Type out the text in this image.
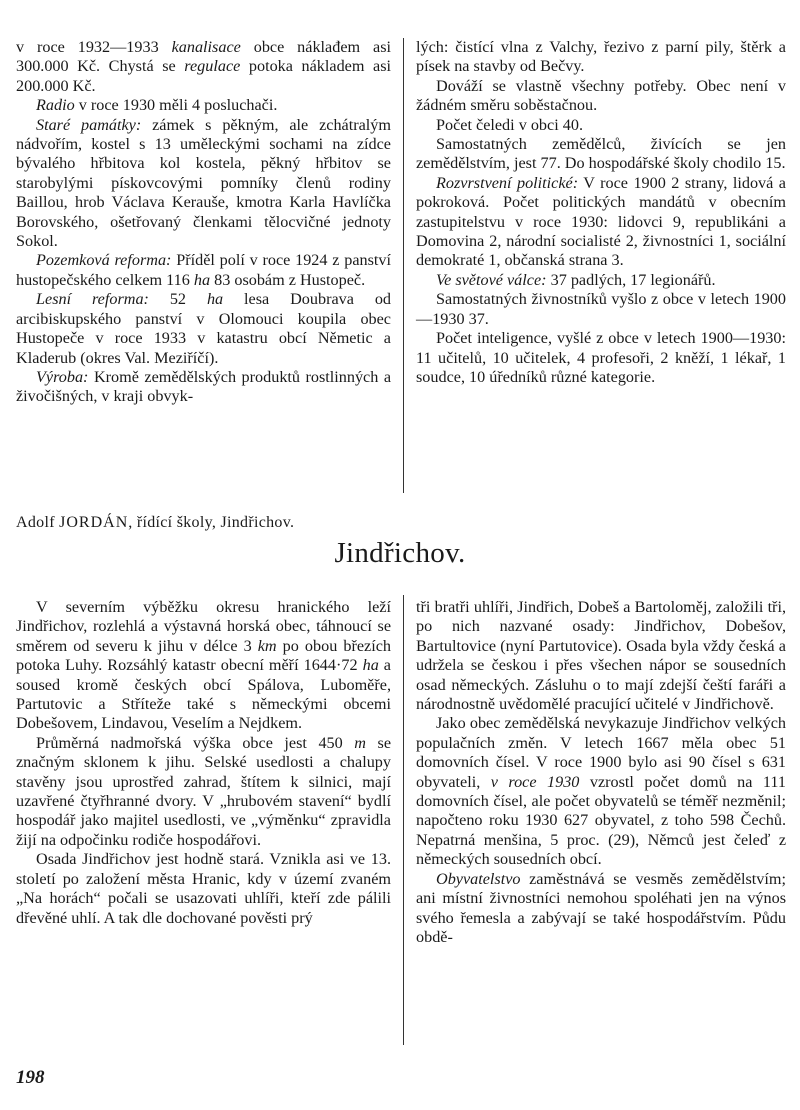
v roce 1932—1933 kanalisace obce náklađem asi 300.000 Kč. Chystá se regulace potoka nákladem asi 200.000 Kč.

Radio v roce 1930 měli 4 posluchači.

Staré památky: zámek s pěkným, ale zchátralým nádvořím, kostel s 13 uměleckými sochami na zídce bývalého hřbitova kol kostela, pěkný hřbitov se starobylými pískovcovými pomníky členů rodiny Baillou, hrob Václava Kerauše, kmotra Karla Havlíčka Borovského, ošetřovaný členkami tělocvičné jednoty Sokol.

Pozemková reforma: Příděl polí v roce 1924 z panství hustopečského celkem 116 ha 83 osobám z Hustopeč.

Lesní reforma: 52 ha lesa Doubrava od arcibiskupského panství v Olomouci koupila obec Hustopeče v roce 1933 v katastru obcí Němetic a Kladerub (okres Val. Meziříčí).

Výroba: Kromě zemědělských produktů rostlinných a živočišných, v kraji obvyk-

lých: čistící vlna z Valchy, řezivo z parní pily, štěrk a písek na stavby od Bečvy.

Dováží se vlastně všechny potřeby. Obec není v žádném směru soběstačnou.

Počet čeledi v obci 40.

Samostatných zemědělců, živících se jen zemědělstvím, jest 77. Do hospodářské školy chodilo 15.

Rozvrstvení politické: V roce 1900 2 strany, lidová a pokroková. Počet politických mandátů v obecním zastupitelstvu v roce 1930: lidovci 9, republikáni a Domovina 2, národní socialisté 2, živnostníci 1, sociální demokraté 1, občanská strana 3.

Ve světové válce: 37 padlých, 17 legionářů.

Samostatných živnostníků vyšlo z obce v letech 1900—1930 37.

Počet inteligence, vyšlé z obce v letech 1900—1930: 11 učitelů, 10 učitelek, 4 profesoři, 2 kněží, 1 lékař, 1 soudce, 10 úředníků různé kategorie.

Adolf JORDÁN, řídící školy, Jindřichov.
Jindřichov.

V severním výběžku okresu hranického leží Jindřichov, rozlehlá a výstavná horská obec, táhnoucí se směrem od severu k jihu v délce 3 km po obou březích potoka Luhy. Rozsáhlý katastr obecní měří 1644·72 ha a soused kromě českých obcí Spálova, Luboměře, Partutovic a Stříteže také s německými obcemi Dobešovem, Lindavou, Veselím a Nejdkem.

Průměrná nadmořská výška obce jest 450 m se značným sklonem k jihu. Selské usedlosti a chalupy stavěny jsou uprostřed zahrad, štítem k silnici, mají uzavřené čtyřhranné dvory. V „hrubovém stavení“ bydlí hospodář jako majitel usedlosti, ve „výměnku“ zpravidla žijí na odpočinku rodiče hospodářovi.

Osada Jindřichov jest hodně stará. Vznikla asi ve 13. století po založení města Hranic, kdy v území zvaném „Na horách“ počali se usazovati uhlíři, kteří zde pálili dřevěné uhlí. A tak dle dochované pověsti prý

tři bratři uhlíři, Jindřich, Dobeš a Bartoloměj, založili tři, po nich nazvané osady: Jindřichov, Dobešov, Bartultovice (nyní Partutovice). Osada byla vždy česká a udržela se českou i přes všechen nápor se sousedních osad německých. Zásluhu o to mají zdejší čeští faráři a národnostně uvědomělé pracující učitelé v Jindřichově.

Jako obec zemědělská nevykazuje Jindřichov velkých populačních změn. V letech 1667 měla obec 51 domovních čísel. V roce 1900 bylo asi 90 čísel s 631 obyvateli, v roce 1930 vzrostl počet domů na 111 domovních čísel, ale počet obyvatelů se téměř nezměnil; napočteno roku 1930 627 obyvatel, z toho 598 Čechů. Nepatrná menšina, 5 proc. (29), Němců jest čeleď z německých sousedních obcí.

Obyvatelstvo zaměstnává se vesměs zemědělstvím; ani místní živnostníci nemohou spoléhati jen na výnos svého řemesla a zabývají se také hospodářstvím. Půdu obdě-

198
